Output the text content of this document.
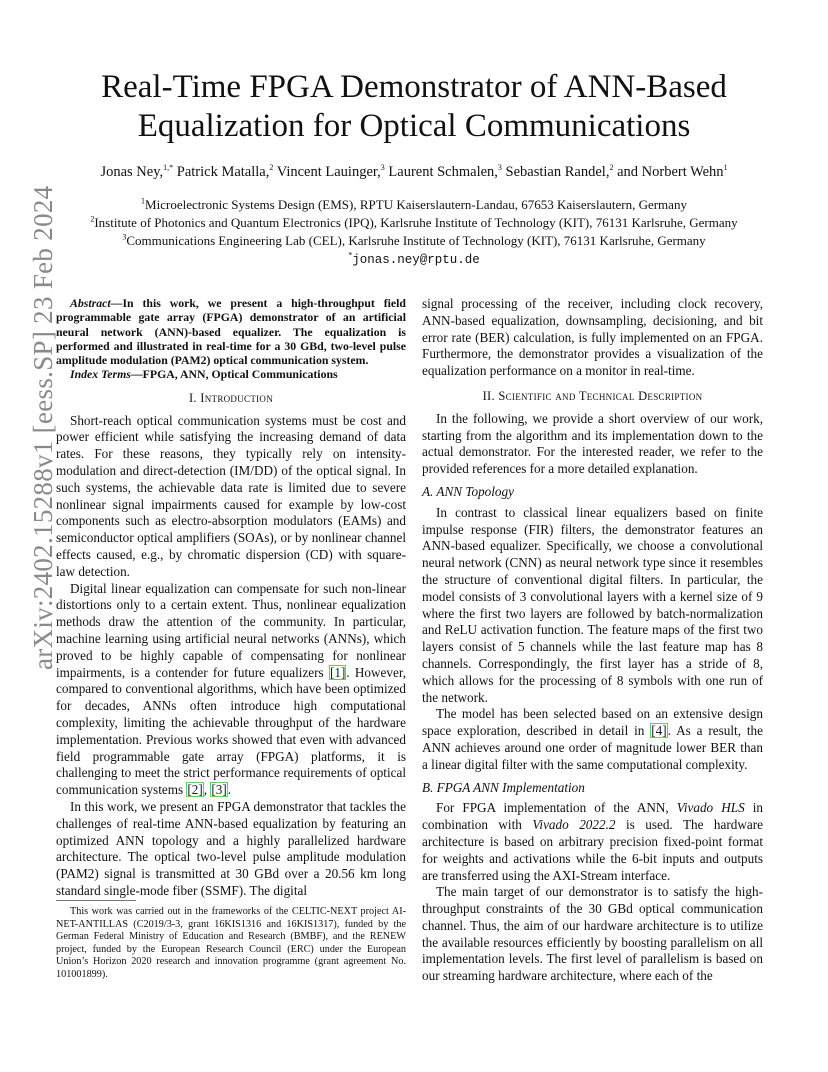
arXiv:2402.15288v1 [eess.SP] 23 Feb 2024
Real-Time FPGA Demonstrator of ANN-Based
Equalization for Optical Communications
Jonas Ney,$^{1,*}$ Patrick Matalla,$^2$ Vincent Lauinger,$^3$ Laurent Schmalen,$^3$ Sebastian Randel,$^2$ and Norbert Wehn$^1$
$^1$Microelectronic Systems Design (EMS), RPTU Kaiserslautern-Landau, 67653 Kaiserslautern, Germany
$^2$Institute of Photonics and Quantum Electronics (IPQ), Karlsruhe Institute of Technology (KIT), 76131 Karlsruhe, Germany
$^3$Communications Engineering Lab (CEL), Karlsruhe Institute of Technology (KIT), 76131 Karlsruhe, Germany
*jonas.ney@rptu.de

Abstract—In this work, we present a high-throughput field programmable gate array (FPGA) demonstrator of an artificial neural network (ANN)-based equalizer. The equalization is performed and illustrated in real-time for a 30 GBd, two-level pulse amplitude modulation (PAM2) optical communication system.

Index Terms—FPGA, ANN, Optical Communications

I. Introduction

Short-reach optical communication systems must be cost and power efficient while satisfying the increasing demand of data rates. For these reasons, they typically rely on intensity-modulation and direct-detection (IM/DD) of the optical signal. In such systems, the achievable data rate is limited due to severe nonlinear signal impairments caused for example by low-cost components such as electro-absorption modulators (EAMs) and semiconductor optical amplifiers (SOAs), or by nonlinear channel effects caused, e.g., by chromatic dispersion (CD) with square-law detection.

Digital linear equalization can compensate for such non-linear distortions only to a certain extent. Thus, nonlinear equalization methods draw the attention of the community. In particular, machine learning using artificial neural networks (ANNs), which proved to be highly capable of compensating for nonlinear impairments, is a contender for future equalizers [1]. However, compared to conventional algorithms, which have been optimized for decades, ANNs often introduce high computational complexity, limiting the achievable throughput of the hardware implementation. Previous works showed that even with advanced field programmable gate array (FPGA) platforms, it is challenging to meet the strict performance requirements of optical communication systems [2], [3].

In this work, we present an FPGA demonstrator that tackles the challenges of real-time ANN-based equalization by featuring an optimized ANN topology and a highly parallelized hardware architecture. The optical two-level pulse amplitude modulation (PAM2) signal is transmitted at 30 GBd over a 20.56 km long standard single-mode fiber (SSMF). The digital

This work was carried out in the frameworks of the CELTIC-NEXT project AI-NET-ANTILLAS (C2019/3-3, grant 16KIS1316 and 16KIS1317), funded by the German Federal Ministry of Education and Research (BMBF), and the RENEW project, funded by the European Research Council (ERC) under the European Union’s Horizon 2020 research and innovation programme (grant agreement No. 101001899).

signal processing of the receiver, including clock recovery, ANN-based equalization, downsampling, decisioning, and bit error rate (BER) calculation, is fully implemented on an FPGA. Furthermore, the demonstrator provides a visualization of the equalization performance on a monitor in real-time.

II. Scientific and Technical Description

In the following, we provide a short overview of our work, starting from the algorithm and its implementation down to the actual demonstrator. For the interested reader, we refer to the provided references for a more detailed explanation.

A. ANN Topology

In contrast to classical linear equalizers based on finite impulse response (FIR) filters, the demonstrator features an ANN-based equalizer. Specifically, we choose a convolutional neural network (CNN) as neural network type since it resembles the structure of conventional digital filters. In particular, the model consists of 3 convolutional layers with a kernel size of 9 where the first two layers are followed by batch-normalization and ReLU activation function. The feature maps of the first two layers consist of 5 channels while the last feature map has 8 channels. Correspondingly, the first layer has a stride of 8, which allows for the processing of 8 symbols with one run of the network.

The model has been selected based on an extensive design space exploration, described in detail in [4]. As a result, the ANN achieves around one order of magnitude lower BER than a linear digital filter with the same computational complexity.

B. FPGA ANN Implementation

For FPGA implementation of the ANN, Vivado HLS in combination with Vivado 2022.2 is used. The hardware architecture is based on arbitrary precision fixed-point format for weights and activations while the 6-bit inputs and outputs are transferred using the AXI-Stream interface.

The main target of our demonstrator is to satisfy the high-throughput constraints of the 30 GBd optical communication channel. Thus, the aim of our hardware architecture is to utilize the available resources efficiently by boosting parallelism on all implementation levels. The first level of parallelism is based on our streaming hardware architecture, where each of the
